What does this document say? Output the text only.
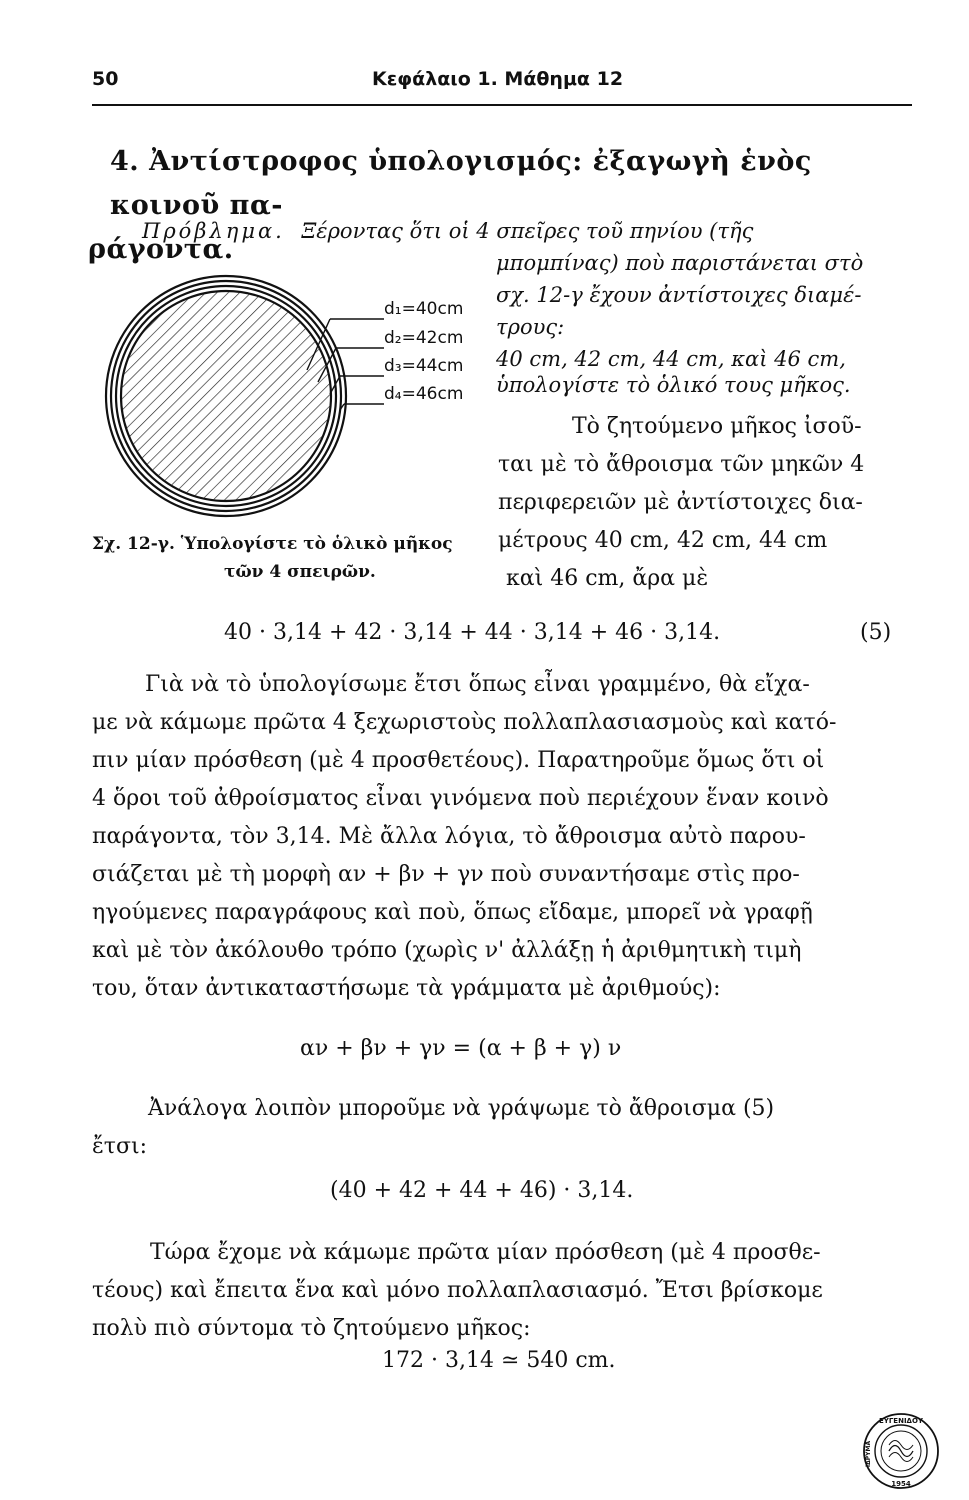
50	Κεφάλαιο 1. Μάθημα 12
4. Ἀντίστροφος ὑπολογισμός: ἐξαγωγὴ ἑνὸς κοινοῦ πα-
ράγοντα.
Πρόβλημα. Ξέροντας ὅτι οἱ 4 σπεῖρες τοῦ πηνίου (τῆς
μπομπίνας) ποὺ παριστάνεται στὸ
σχ. 12-γ ἔχουν ἀντίστοιχες διαμέ-
τρους:
40 cm, 42 cm, 44 cm, καὶ 46 cm,
ὑπολογίστε τὸ ὁλικό τους μῆκος.
d₁=40cm
d₂=42cm
d₃=44cm
d₄=46cm
Σχ. 12-γ. Ὑπολογίστε τὸ ὁλικὸ μῆκος
τῶν 4 σπειρῶν.
Τὸ ζητούμενο μῆκος ἰσοῦ-
ται μὲ τὸ ἄθροισμα τῶν μηκῶν 4
περιφερειῶν μὲ ἀντίστοιχες δια-
μέτρους 40 cm, 42 cm, 44 cm
καὶ 46 cm, ἄρα μὲ
40 · 3,14 + 42 · 3,14 + 44 · 3,14 + 46 · 3,14.	(5)
Γιὰ νὰ τὸ ὑπολογίσωμε ἔτσι ὅπως εἶναι γραμμένο, θὰ εἴχα-
με νὰ κάμωμε πρῶτα 4 ξεχωριστοὺς πολλαπλασιασμοὺς καὶ κατό-
πιν μίαν πρόσθεση (μὲ 4 προσθετέους). Παρατηροῦμε ὅμως ὅτι οἱ
4 ὅροι τοῦ ἀθροίσματος εἶναι γινόμενα ποὺ περιέχουν ἕναν κοινὸ
παράγοντα, τὸν 3,14. Μὲ ἄλλα λόγια, τὸ ἄθροισμα αὐτὸ παρου-
σιάζεται μὲ τὴ μορφὴ αν + βν + γν ποὺ συναντήσαμε στὶς προ-
ηγούμενες παραγράφους καὶ ποὺ, ὅπως εἴδαμε, μπορεῖ νὰ γραφῇ
καὶ μὲ τὸν ἀκόλουθο τρόπο (χωρὶς ν' ἀλλάξῃ ἡ ἀριθμητικὴ τιμὴ
του, ὅταν ἀντικαταστήσωμε τὰ γράμματα μὲ ἀριθμούς):
αν + βν + γν = (α + β + γ) ν
Ἀνάλογα λοιπὸν μποροῦμε νὰ γράψωμε τὸ ἄθροισμα (5)
ἔτσι:
(40 + 42 + 44 + 46) · 3,14.
Τώρα ἔχομε νὰ κάμωμε πρῶτα μίαν πρόσθεση (μὲ 4 προσθε-
τέους) καὶ ἔπειτα ἕνα καὶ μόνο πολλαπλασιασμό. Ἔτσι βρίσκομε
πολὺ πιὸ σύντομα τὸ ζητούμενο μῆκος:
172 · 3,14 ≃ 540 cm.
ΕΥΓΕΝΙΔΟΥ
ΙΔΡΥΜΑ
1954
